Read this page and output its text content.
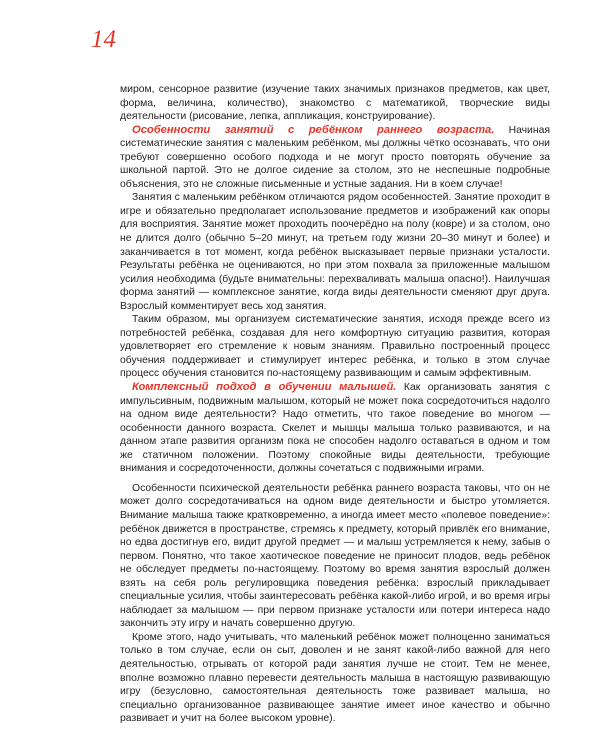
14

миром, сенсорное развитие (изучение таких значимых признаков предметов, как цвет, форма, величина, количество), знакомство с математикой, творческие виды деятельности (рисование, лепка, аппликация, конструирование).

Особенности занятий с ребёнком раннего возраста. Начиная систематические занятия с маленьким ребёнком, мы должны чётко осознавать, что они требуют совершенно особого подхода и не могут просто повторять обучение за школьной партой. Это не долгое сидение за столом, это не неспешные подробные объяснения, это не сложные письменные и устные задания. Ни в коем случае!

Занятия с маленьким ребёнком отличаются рядом особенностей. Занятие проходит в игре и обязательно предполагает использование предметов и изображений как опоры для восприятия. Занятие может проходить поочерёдно на полу (ковре) и за столом, оно не длится долго (обычно 5–20 минут, на третьем году жизни 20–30 минут и более) и заканчивается в тот момент, когда ребёнок высказывает первые признаки усталости. Результаты ребёнка не оцениваются, но при этом похвала за приложенные малышом усилия необходима (будьте внимательны: перехваливать малыша опасно!). Наилучшая форма занятий — комплексное занятие, когда виды деятельности сменяют друг друга. Взрослый комментирует весь ход занятия.

Таким образом, мы организуем систематические занятия, исходя прежде всего из потребностей ребёнка, создавая для него комфортную ситуацию развития, которая удовлетворяет его стремление к новым знаниям. Правильно построенный процесс обучения поддерживает и стимулирует интерес ребёнка, и только в этом случае процесс обучения становится по-настоящему развивающим и самым эффективным.

Комплексный подход в обучении малышей. Как организовать занятия с импульсивным, подвижным малышом, который не может пока сосредоточиться надолго на одном виде деятельности? Надо отметить, что такое поведение во многом — особенности данного возраста. Скелет и мышцы малыша только развиваются, и на данном этапе развития организм пока не способен надолго оставаться в одном и том же статичном положении. Поэтому спокойные виды деятельности, требующие внимания и сосредоточенности, должны сочетаться с подвижными играми.

Особенности психической деятельности ребёнка раннего возраста таковы, что он не может долго сосредотачиваться на одном виде деятельности и быстро утомляется. Внимание малыша также кратковременно, а иногда имеет место «полевое поведение»: ребёнок движется в пространстве, стремясь к предмету, который привлёк его внимание, но едва достигнув его, видит другой предмет — и малыш устремляется к нему, забыв о первом. Понятно, что такое хаотическое поведение не приносит плодов, ведь ребёнок не обследует предметы по-настоящему. Поэтому во время занятия взрослый должен взять на себя роль регулировщика поведения ребёнка: взрослый прикладывает специальные усилия, чтобы заинтересовать ребёнка какой-либо игрой, и во время игры наблюдает за малышом — при первом признаке усталости или потери интереса надо закончить эту игру и начать совершенно другую.

Кроме этого, надо учитывать, что маленький ребёнок может полноценно заниматься только в том случае, если он сыт, доволен и не занят какой-либо важной для него деятельностью, отрывать от которой ради занятия лучше не стоит. Тем не менее, вполне возможно плавно перевести деятельность малыша в настоящую развивающую игру (безусловно, самостоятельная деятельность тоже развивает малыша, но специально организованное развивающее занятие имеет иное качество и обычно развивает и учит на более высоком уровне).
